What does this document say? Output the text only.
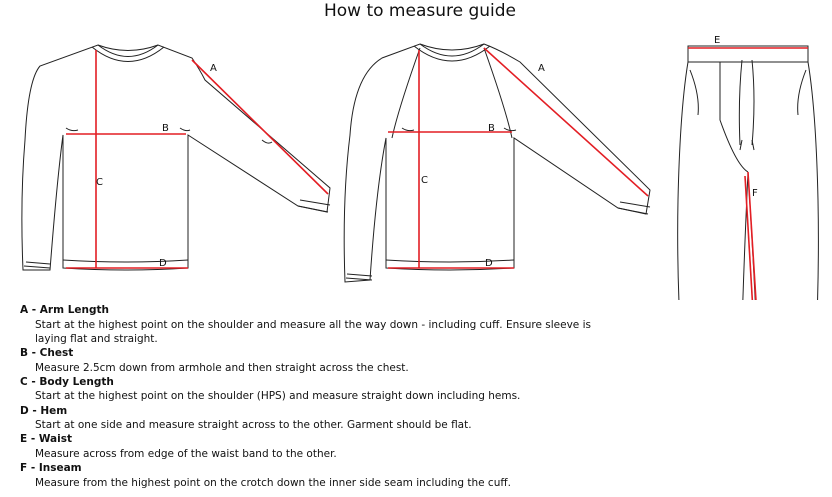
How to measure guide
A
B
C
D
A
B
C
D
E
F
A - Arm Length
Start at the highest point on the shoulder and measure all the way down - including cuff. Ensure sleeve is laying flat and straight.
B - Chest
Measure 2.5cm down from armhole and then straight across the chest.
C - Body Length
Start at the highest point on the shoulder (HPS) and measure straight down including hems.
D - Hem
Start at one side and measure straight across to the other. Garment should be flat.
E - Waist
Measure across from edge of the waist band to the other.
F - Inseam
Measure from the highest point on the crotch down the inner side seam including the cuff.
